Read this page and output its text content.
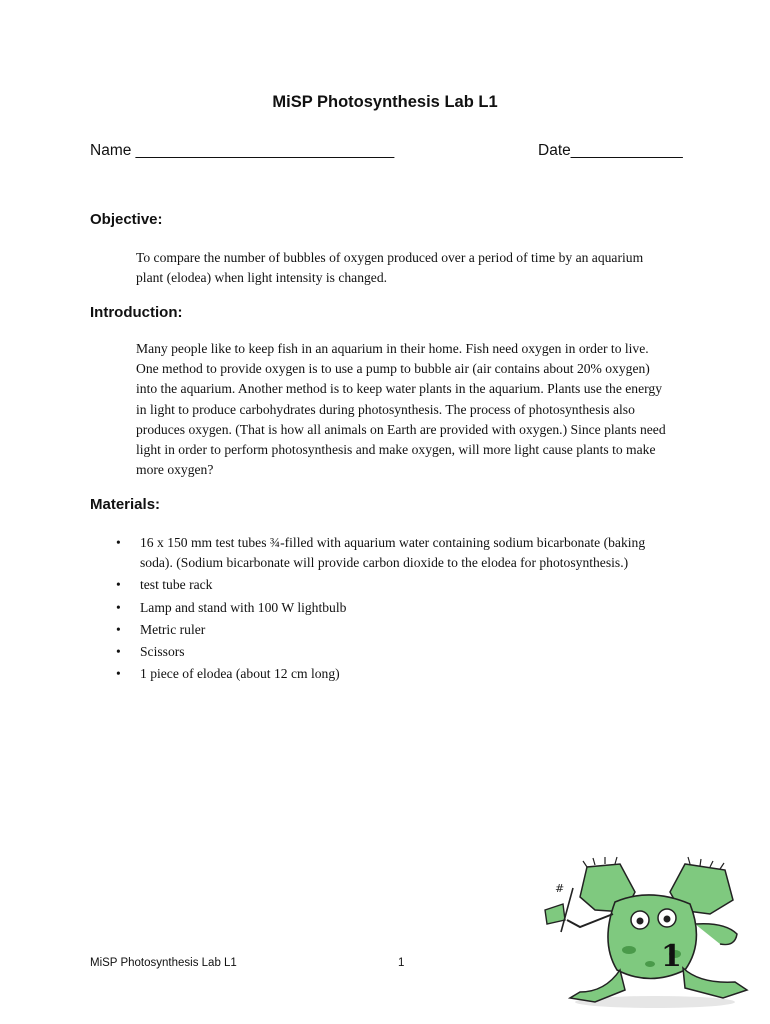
MiSP Photosynthesis Lab L1
Name ______________________________	Date_____________
Objective:

To compare the number of bubbles of oxygen produced over a period of time by an aquarium plant (elodea) when light intensity is changed.

Introduction:

Many people like to keep fish in an aquarium in their home. Fish need oxygen in order to live. One method to provide oxygen is to use a pump to bubble air (air contains about 20% oxygen) into the aquarium. Another method is to keep water plants in the aquarium. Plants use the energy in light to produce carbohydrates during photosynthesis. The process of photosynthesis also produces oxygen. (That is how all animals on Earth are provided with oxygen.) Since plants need light in order to perform photosynthesis and make oxygen, will more light cause plants to make more oxygen?

Materials:
• 16 x 150 mm test tubes ¾-filled with aquarium water containing sodium bicarbonate (baking soda). (Sodium bicarbonate will provide carbon dioxide to the elodea for photosynthesis.)
• test tube rack
• Lamp and stand with 100 W lightbulb
• Metric ruler
• Scissors
• 1 piece of elodea (about 12 cm long)
MiSP Photosynthesis Lab L1	1
#
1
